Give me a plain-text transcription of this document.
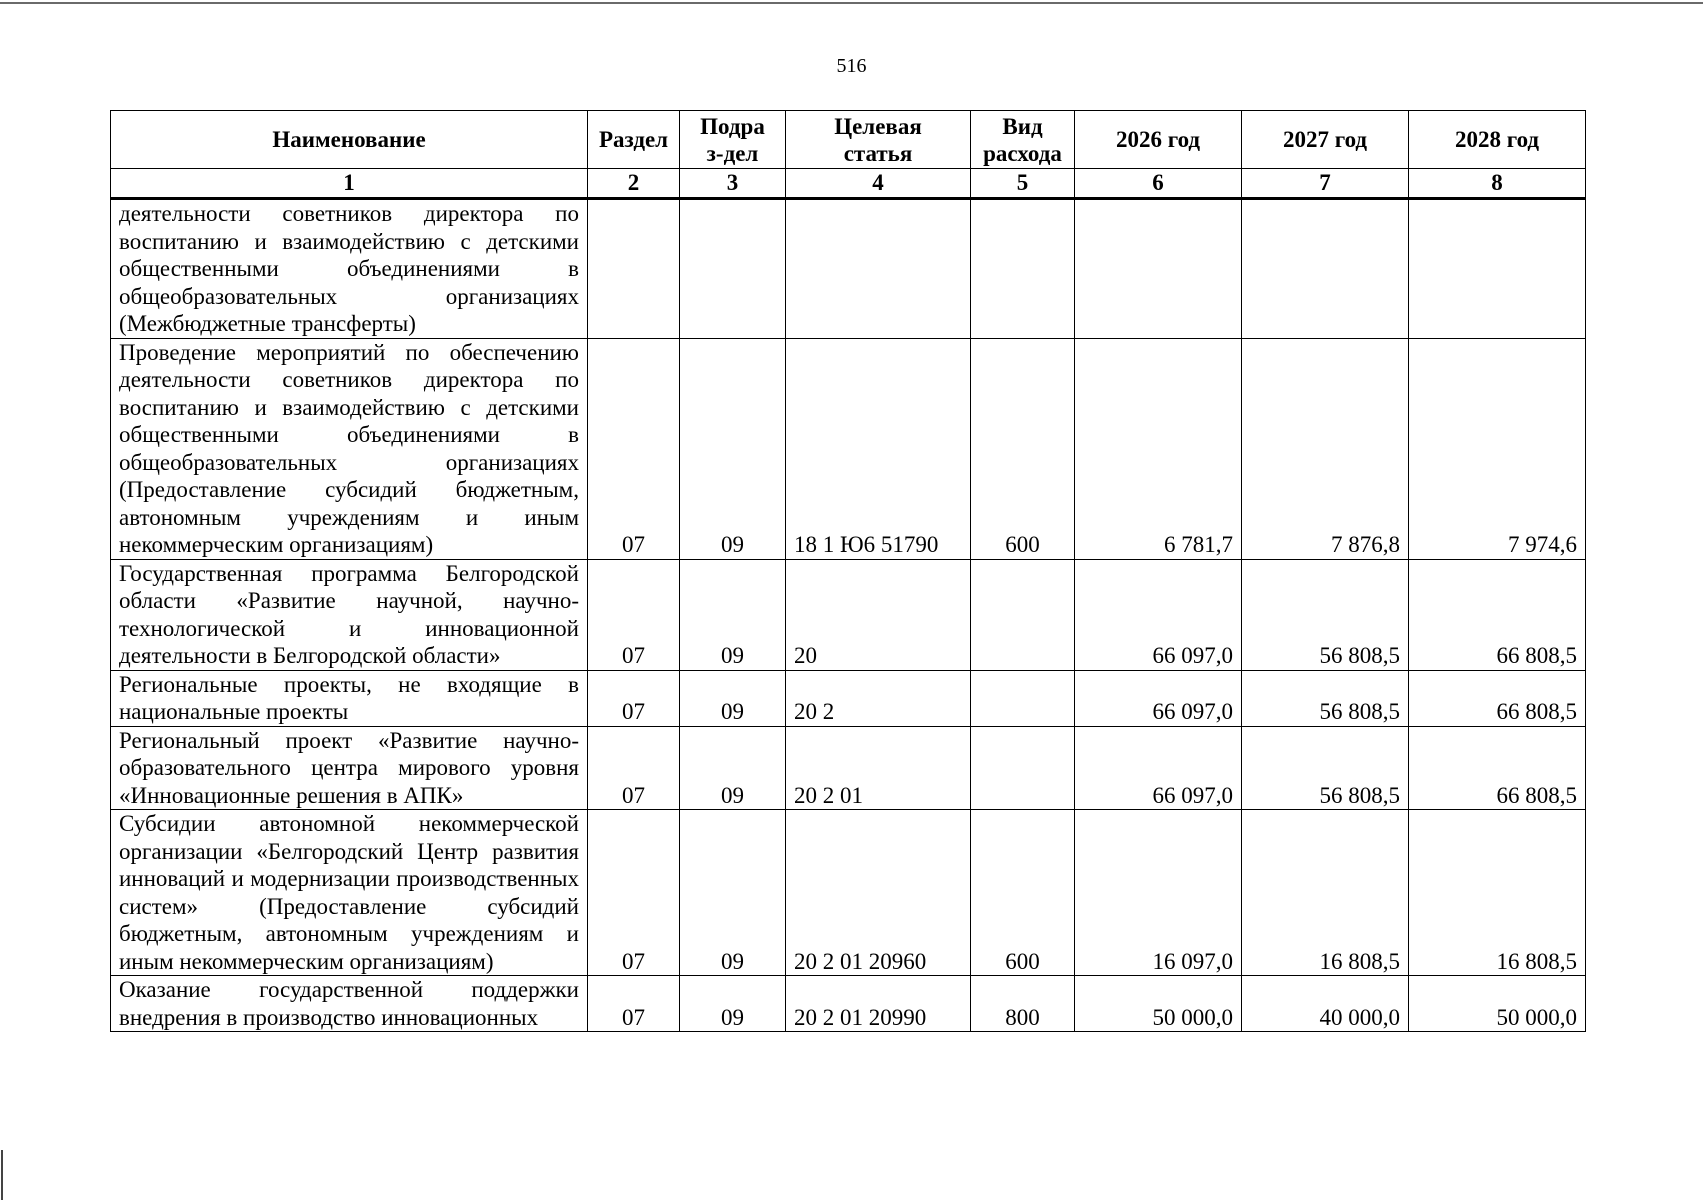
516
Наименование	Раздел	Подраз-дел	Целевая статья	Вид расхода	2026 год	2027 год	2028 год
1	2	3	4	5	6	7	8
деятельности советников директора по воспитанию и взаимодействию с детскими общественными объединениями в общеобразовательных организациях (Межбюджетные трансферты)							
Проведение мероприятий по обеспечению деятельности советников директора по воспитанию и взаимодействию с детскими общественными объединениями в общеобразовательных организациях (Предоставление субсидий бюджетным, автономным учреждениям и иным некоммерческим организациям)	07	09	18 1 Ю6 51790	600	6 781,7	7 876,8	7 974,6
Государственная программа Белгородской области «Развитие научной, научно-технологической и инновационной деятельности в Белгородской области»	07	09	20		66 097,0	56 808,5	66 808,5
Региональные проекты, не входящие в национальные проекты	07	09	20 2		66 097,0	56 808,5	66 808,5
Региональный проект «Развитие научно-образовательного центра мирового уровня «Инновационные решения в АПК»	07	09	20 2 01		66 097,0	56 808,5	66 808,5
Субсидии автономной некоммерческой организации «Белгородский Центр развития инноваций и модернизации производственных систем» (Предоставление субсидий бюджетным, автономным учреждениям и иным некоммерческим организациям)	07	09	20 2 01 20960	600	16 097,0	16 808,5	16 808,5
Оказание государственной поддержки внедрения в производство инновационных	07	09	20 2 01 20990	800	50 000,0	40 000,0	50 000,0
